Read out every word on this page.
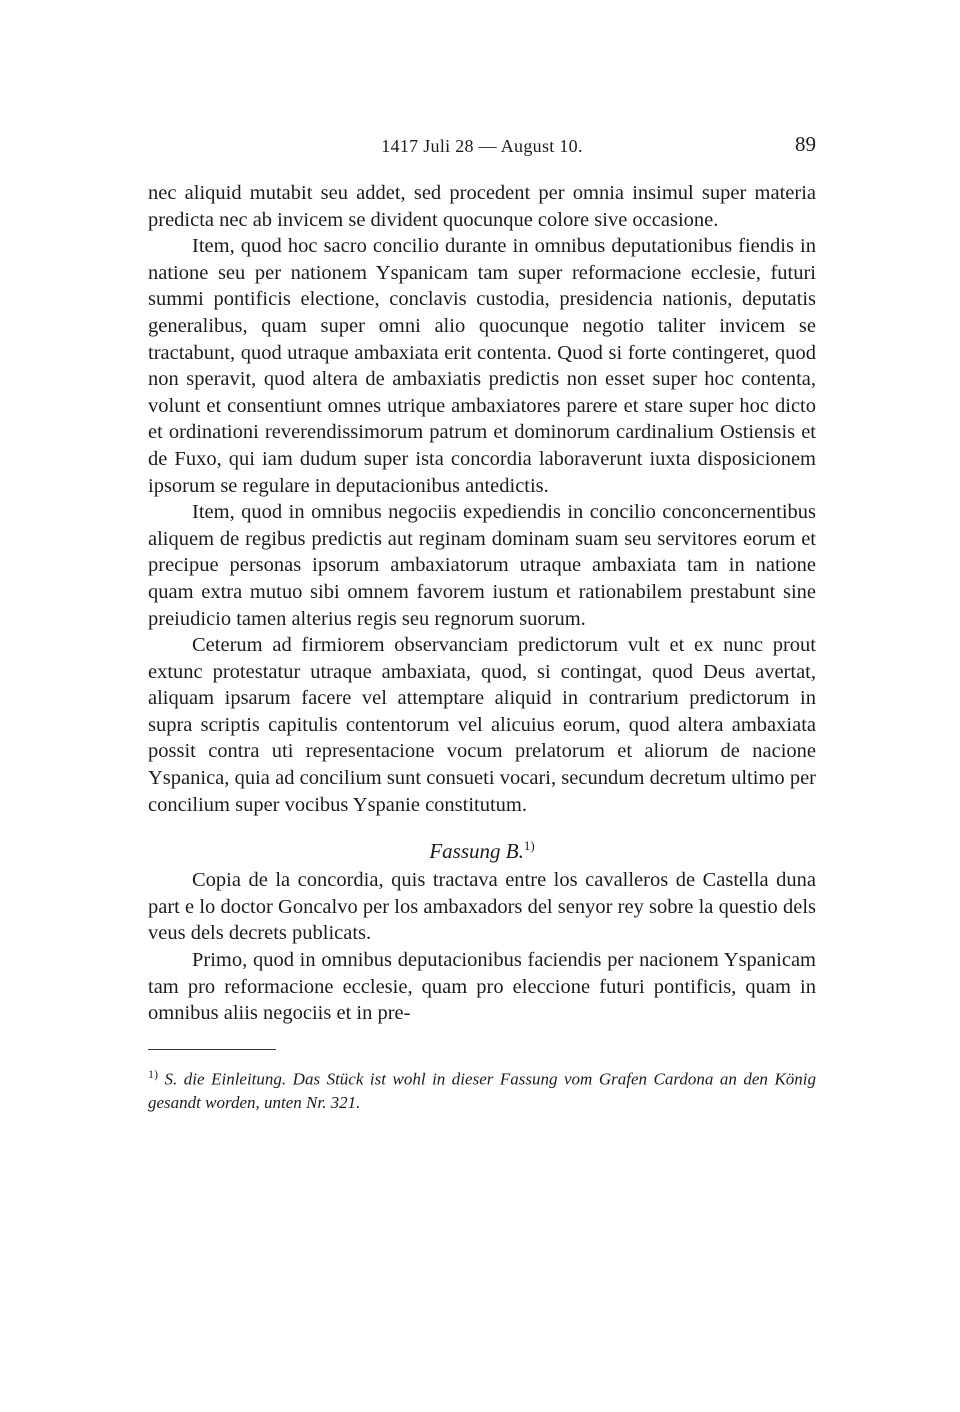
1417 Juli 28 — August 10.	89

nec aliquid mutabit seu addet, sed procedent per omnia insimul super materia predicta nec ab invicem se divident quocunque colore sive occasione.

Item, quod hoc sacro concilio durante in omnibus deputationibus fiendis in natione seu per nationem Yspanicam tam super reformacione ecclesie, futuri summi pontificis electione, conclavis custodia, presidencia nationis, deputatis generalibus, quam super omni alio quocunque negotio taliter invicem se tractabunt, quod utraque ambaxiata erit contenta. Quod si forte contingeret, quod non speravit, quod altera de ambaxiatis predictis non esset super hoc contenta, volunt et consentiunt omnes utrique ambaxiatores parere et stare super hoc dicto et ordinationi reverendissimorum patrum et dominorum cardinalium Ostiensis et de Fuxo, qui iam dudum super ista concordia laboraverunt iuxta disposicionem ipsorum se regulare in deputacionibus antedictis.

Item, quod in omnibus negociis expediendis in concilio conconcernentibus aliquem de regibus predictis aut reginam dominam suam seu servitores eorum et precipue personas ipsorum ambaxiatorum utraque ambaxiata tam in natione quam extra mutuo sibi omnem favorem iustum et rationabilem prestabunt sine preiudicio tamen alterius regis seu regnorum suorum.

Ceterum ad firmiorem observanciam predictorum vult et ex nunc prout extunc protestatur utraque ambaxiata, quod, si contingat, quod Deus avertat, aliquam ipsarum facere vel attemptare aliquid in contrarium predictorum in supra scriptis capitulis contentorum vel alicuius eorum, quod altera ambaxiata possit contra uti representacione vocum prelatorum et aliorum de nacione Yspanica, quia ad concilium sunt consueti vocari, secundum decretum ultimo per concilium super vocibus Yspanie constitutum.

Fassung B.$^{1)}$

Copia de la concordia, quis tractava entre los cavalleros de Castella duna part e lo doctor Goncalvo per los ambaxadors del senyor rey sobre la questio dels veus dels decrets publicats.

Primo, quod in omnibus deputacionibus faciendis per nacionem Yspanicam tam pro reformacione ecclesie, quam pro eleccione futuri pontificis, quam in omnibus aliis negociis et in pre-

$^{1)}$ S. die Einleitung. Das Stück ist wohl in dieser Fassung vom Grafen Cardona an den König gesandt worden, unten Nr. 321.
